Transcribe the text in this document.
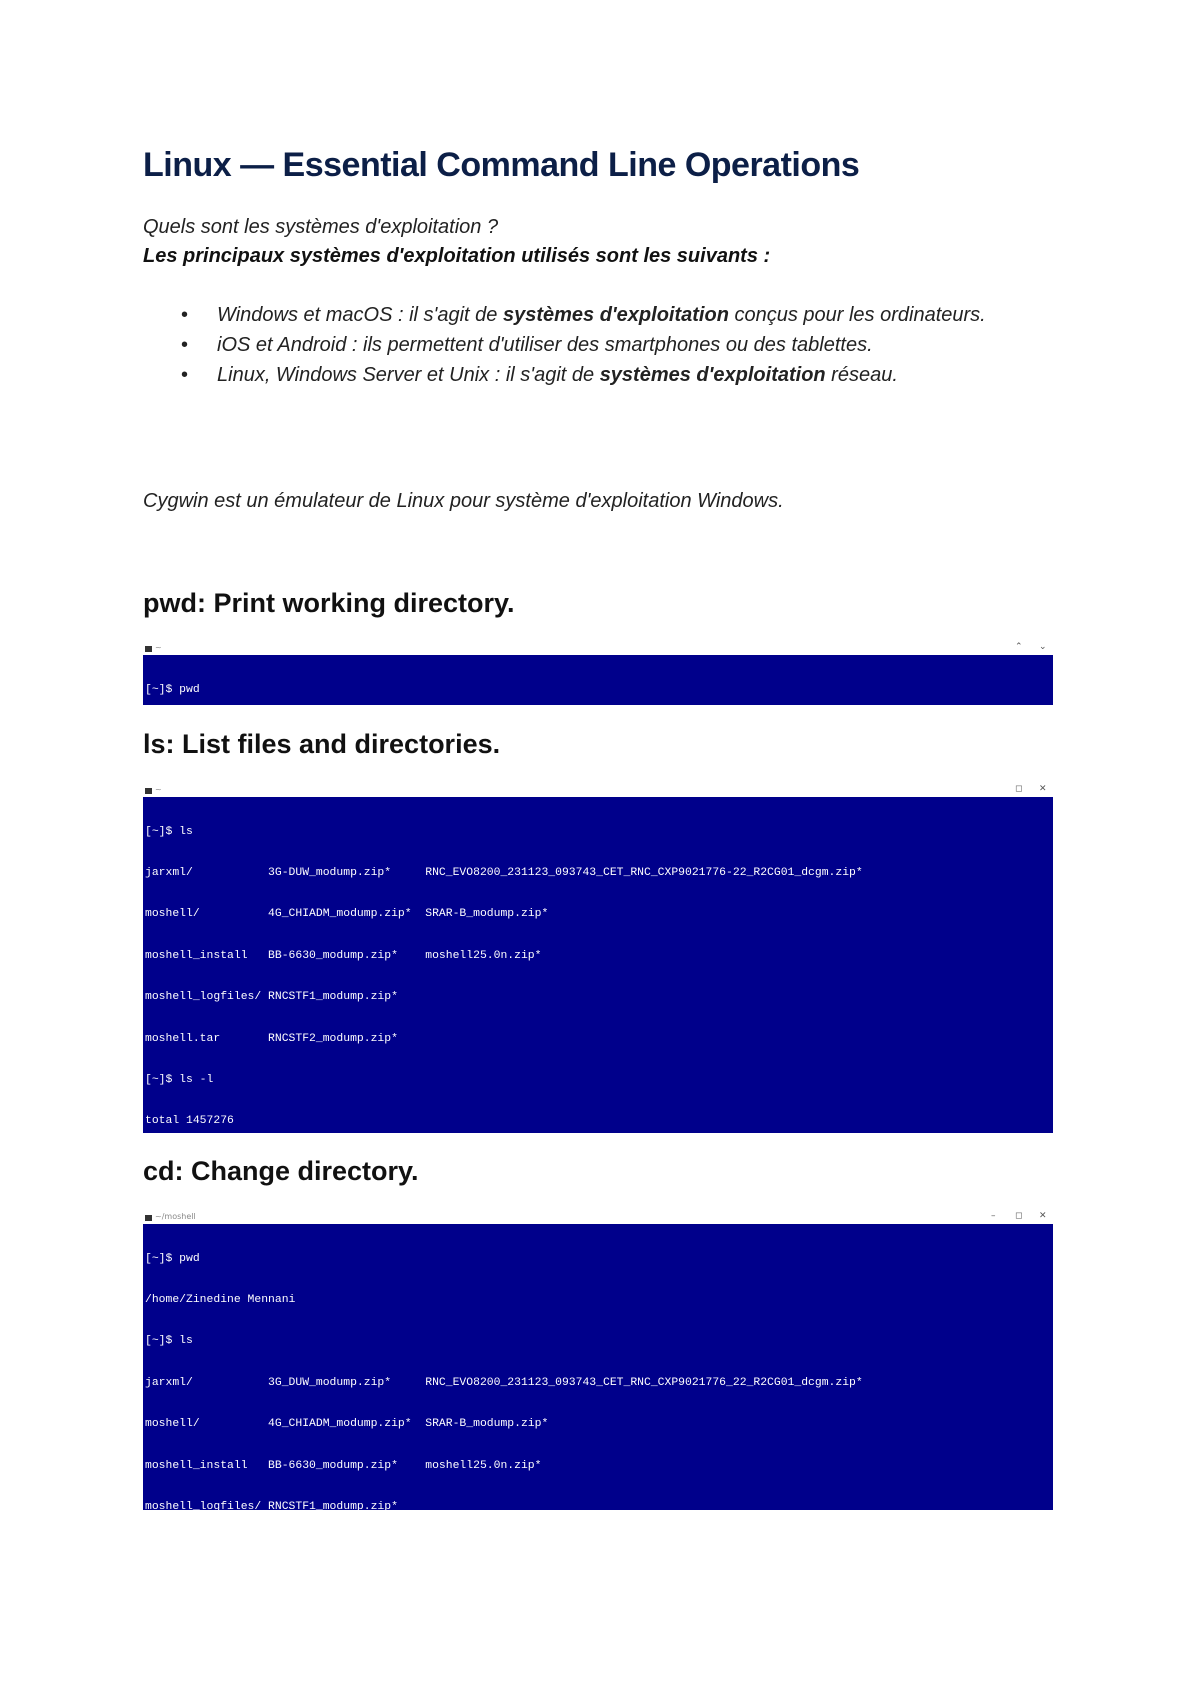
Linux — Essential Command Line Operations
Quels sont les systèmes d'exploitation ?
Les principaux systèmes d'exploitation utilisés sont les suivants :
• Windows et macOS : il s'agit de systèmes d'exploitation conçus pour les ordinateurs.
• iOS et Android : ils permettent d'utiliser des smartphones ou des tablettes.
• Linux, Windows Server et Unix : il s'agit de systèmes d'exploitation réseau.
Cygwin est un émulateur de Linux pour système d'exploitation Windows.
pwd: Print working directory.
~	⌃ ⌄

[~]$ pwd

ls: List files and directories.
~	◻ ✕

[~]$ ls

jarxml/           3G-DUW_modump.zip*     RNC_EVO8200_231123_093743_CET_RNC_CXP9021776-22_R2CG01_dcgm.zip*

moshell/          4G_CHIADM_modump.zip*  SRAR-B_modump.zip*

moshell_install   BB-6630_modump.zip*    moshell25.0n.zip*

moshell_logfiles/ RNCSTF1_modump.zip*

moshell.tar       RNCSTF2_modump.zip*

[~]$ ls -l

total 1457276

cd: Change directory.
~/moshell	– ◻ ✕

[~]$ pwd

/home/Zinedine Mennani

[~]$ ls

jarxml/           3G_DUW_modump.zip*     RNC_EVO8200_231123_093743_CET_RNC_CXP9021776_22_R2CG01_dcgm.zip*

moshell/          4G_CHIADM_modump.zip*  SRAR-B_modump.zip*

moshell_install   BB-6630_modump.zip*    moshell25.0n.zip*

moshell_logfiles/ RNCSTF1_modump.zip*
